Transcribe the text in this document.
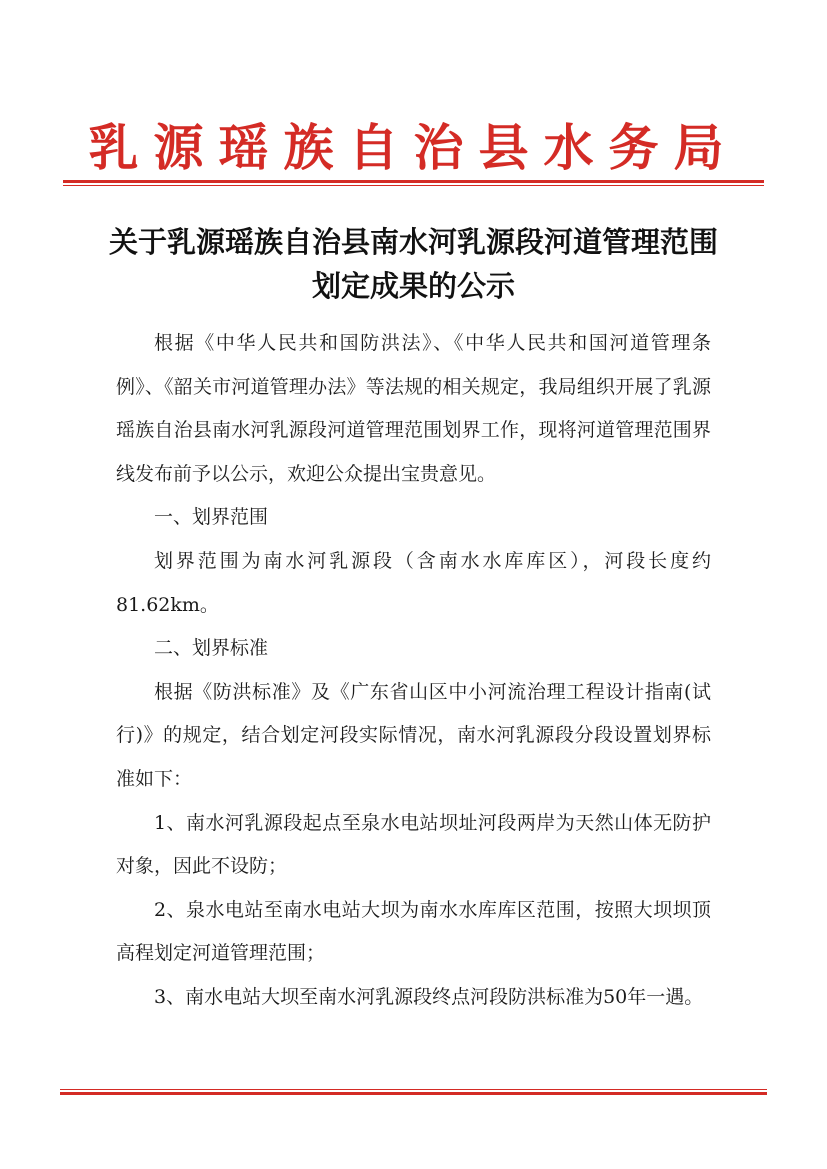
乳源瑶族自治县水务局
关于乳源瑶族自治县南水河乳源段河道管理范围划定成果的公示

根据《中华人民共和国防洪法》、《中华人民共和国河道管理条例》、《韶关市河道管理办法》等法规的相关规定，我局组织开展了乳源瑶族自治县南水河乳源段河道管理范围划界工作，现将河道管理范围界线发布前予以公示，欢迎公众提出宝贵意见。

一、划界范围

划界范围为南水河乳源段（含南水水库库区），河段长度约81.62km。

二、划界标准

根据《防洪标准》及《广东省山区中小河流治理工程设计指南(试行)》的规定，结合划定河段实际情况，南水河乳源段分段设置划界标准如下：

1、南水河乳源段起点至泉水电站坝址河段两岸为天然山体无防护对象，因此不设防；

2、泉水电站至南水电站大坝为南水水库库区范围，按照大坝坝顶高程划定河道管理范围；

3、南水电站大坝至南水河乳源段终点河段防洪标准为50年一遇。
